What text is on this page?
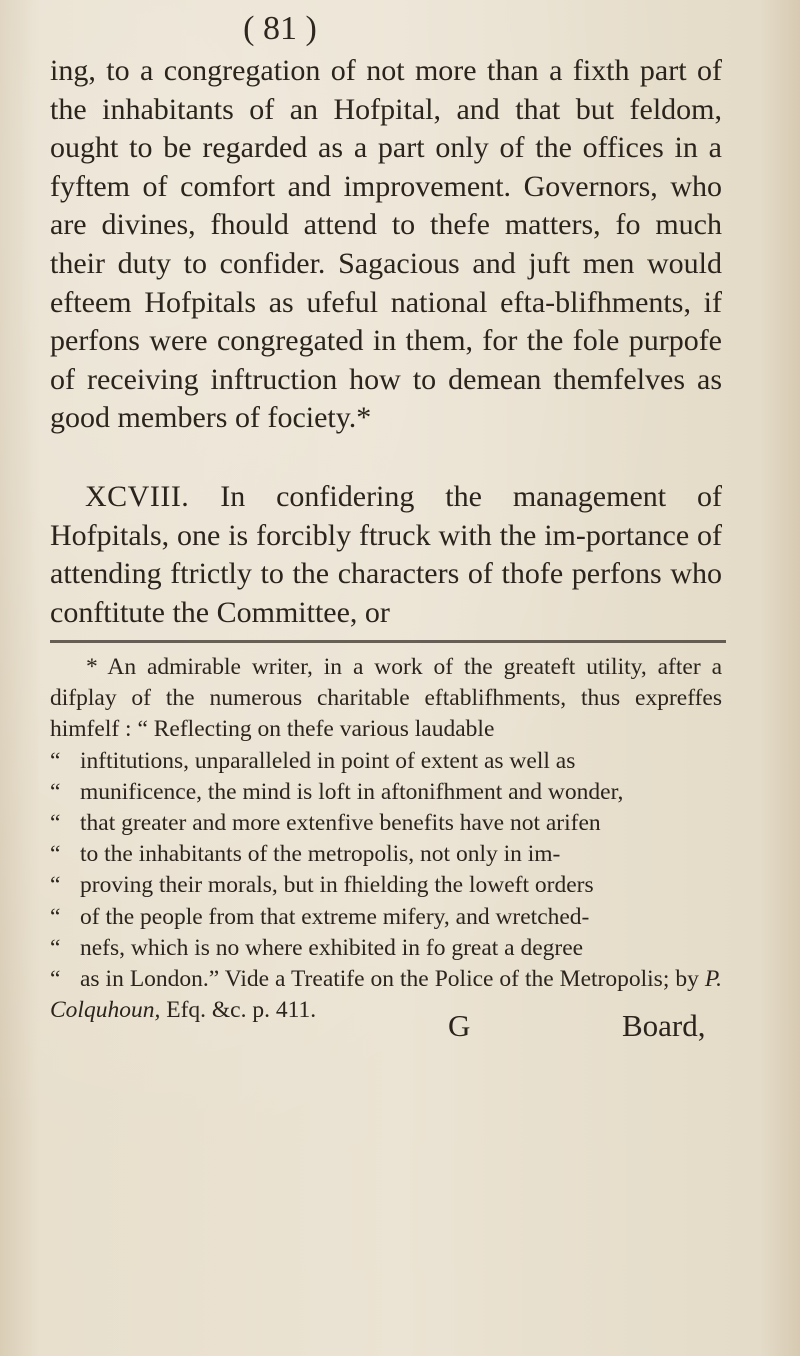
( 81 )

ing, to a congregation of not more than a fixth part of the inhabitants of an Hofpital, and that but feldom, ought to be regarded as a part only of the offices in a fyftem of comfort and improvement. Governors, who are divines, fhould attend to thefe matters, fo much their duty to confider. Sagacious and juft men would efteem Hofpitals as ufeful national efta-blifhments, if perfons were congregated in them, for the fole purpofe of receiving inftruction how to demean themfelves as good members of fociety.*

XCVIII. In confidering the management of Hofpitals, one is forcibly ftruck with the im-portance of attending ftrictly to the characters of thofe perfons who conftitute the Committee, or

* An admirable writer, in a work of the greateft utility, after a difplay of the numerous charitable eftablifhments, thus expreffes himfelf : “ Reflecting on thefe various laudable

“ inftitutions, unparalleled in point of extent as well as

“ munificence, the mind is loft in aftonifhment and wonder,

“ that greater and more extenfive benefits have not arifen

“ to the inhabitants of the metropolis, not only in im-

“ proving their morals, but in fhielding the loweft orders

“ of the people from that extreme mifery, and wretched-

“ nefs, which is no where exhibited in fo great a degree

“ as in London.” Vide a Treatife on the Police of the Metropolis; by P. Colquhoun, Efq. &c. p. 411.	G	Board,
